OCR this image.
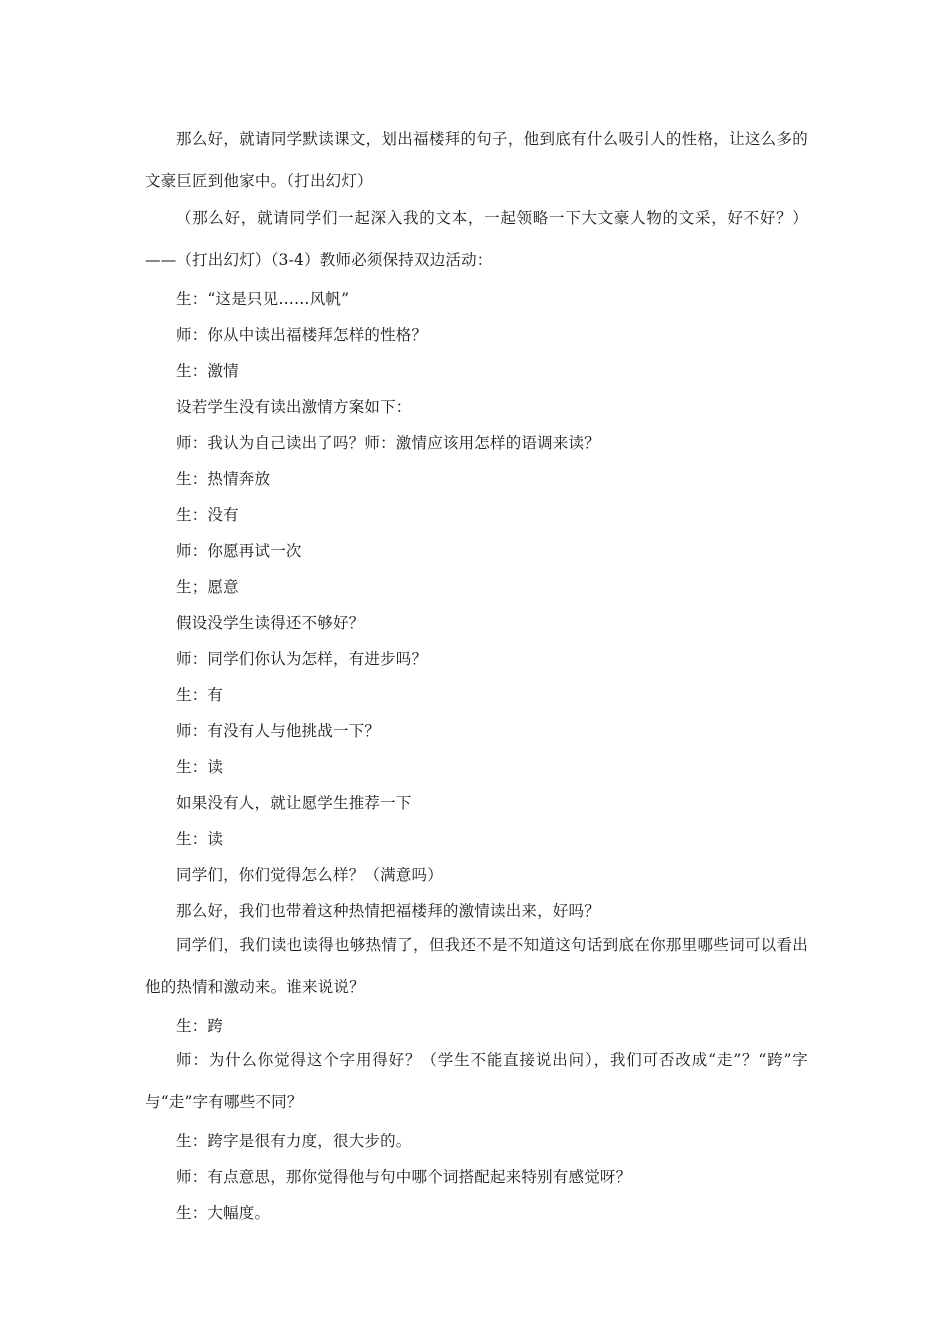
那么好，就请同学默读课文，划出福楼拜的句子，他到底有什么吸引人的性格，让这么多的文豪巨匠到他家中。（打出幻灯）

（那么好，就请同学们一起深入我的文本，一起领略一下大文豪人物的文采，好不好？）——（打出幻灯）（3-4）教师必须保持双边活动：

生：“这是只见……风帆”

师：你从中读出福楼拜怎样的性格？

生：激情

设若学生没有读出激情方案如下：

师：我认为自己读出了吗？师：激情应该用怎样的语调来读？

生：热情奔放

生：没有

师：你愿再试一次

生；愿意

假设没学生读得还不够好？

师：同学们你认为怎样，有进步吗？

生：有

师：有没有人与他挑战一下？

生：读

如果没有人，就让愿学生推荐一下

生：读

同学们，你们觉得怎么样？（满意吗）

那么好，我们也带着这种热情把福楼拜的激情读出来，好吗？

同学们，我们读也读得也够热情了，但我还不是不知道这句话到底在你那里哪些词可以看出他的热情和激动来。谁来说说？

生：跨

师：为什么你觉得这个字用得好？（学生不能直接说出问），我们可否改成“走”？“跨”字与“走”字有哪些不同？

生：跨字是很有力度，很大步的。

师：有点意思，那你觉得他与句中哪个词搭配起来特别有感觉呀？

生：大幅度。
